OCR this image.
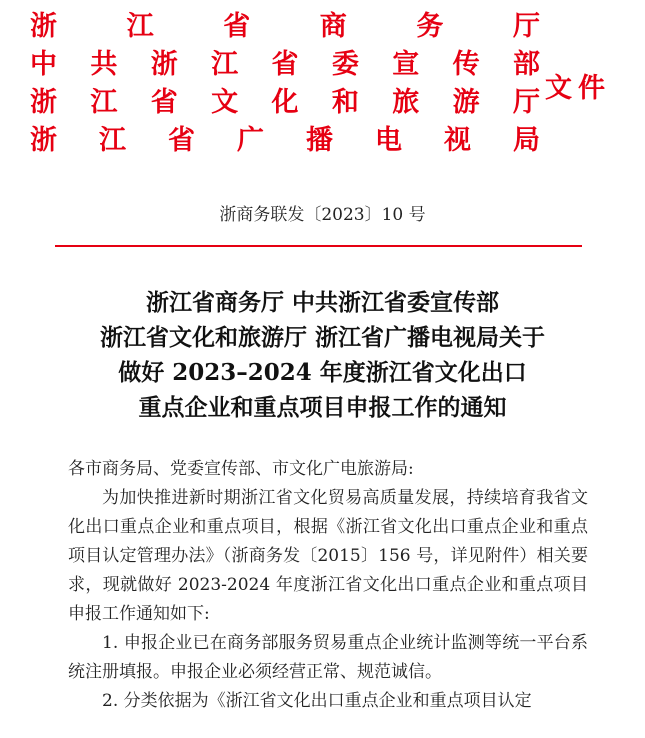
浙	江	省	商	务	厅
中 共 浙 江 省 委 宣 传 部
浙 江 省 文 化 和 旅 游 厅
浙 江 省 广 播 电 视 局
文件
浙商务联发〔2023〕10 号
浙江省商务厅 中共浙江省委宣传部
浙江省文化和旅游厅 浙江省广播电视局关于
做好 2023–2024 年度浙江省文化出口
重点企业和重点项目申报工作的通知

各市商务局、党委宣传部、市文化广电旅游局:

为加快推进新时期浙江省文化贸易高质量发展，持续培育我省文化出口重点企业和重点项目，根据《浙江省文化出口重点企业和重点项目认定管理办法》（浙商务发〔2015〕156 号，详见附件）相关要求，现就做好 2023-2024 年度浙江省文化出口重点企业和重点项目申报工作通知如下:

1. 申报企业已在商务部服务贸易重点企业统计监测等统一平台系统注册填报。申报企业必须经营正常、规范诚信。

2. 分类依据为《浙江省文化出口重点企业和重点项目认定
